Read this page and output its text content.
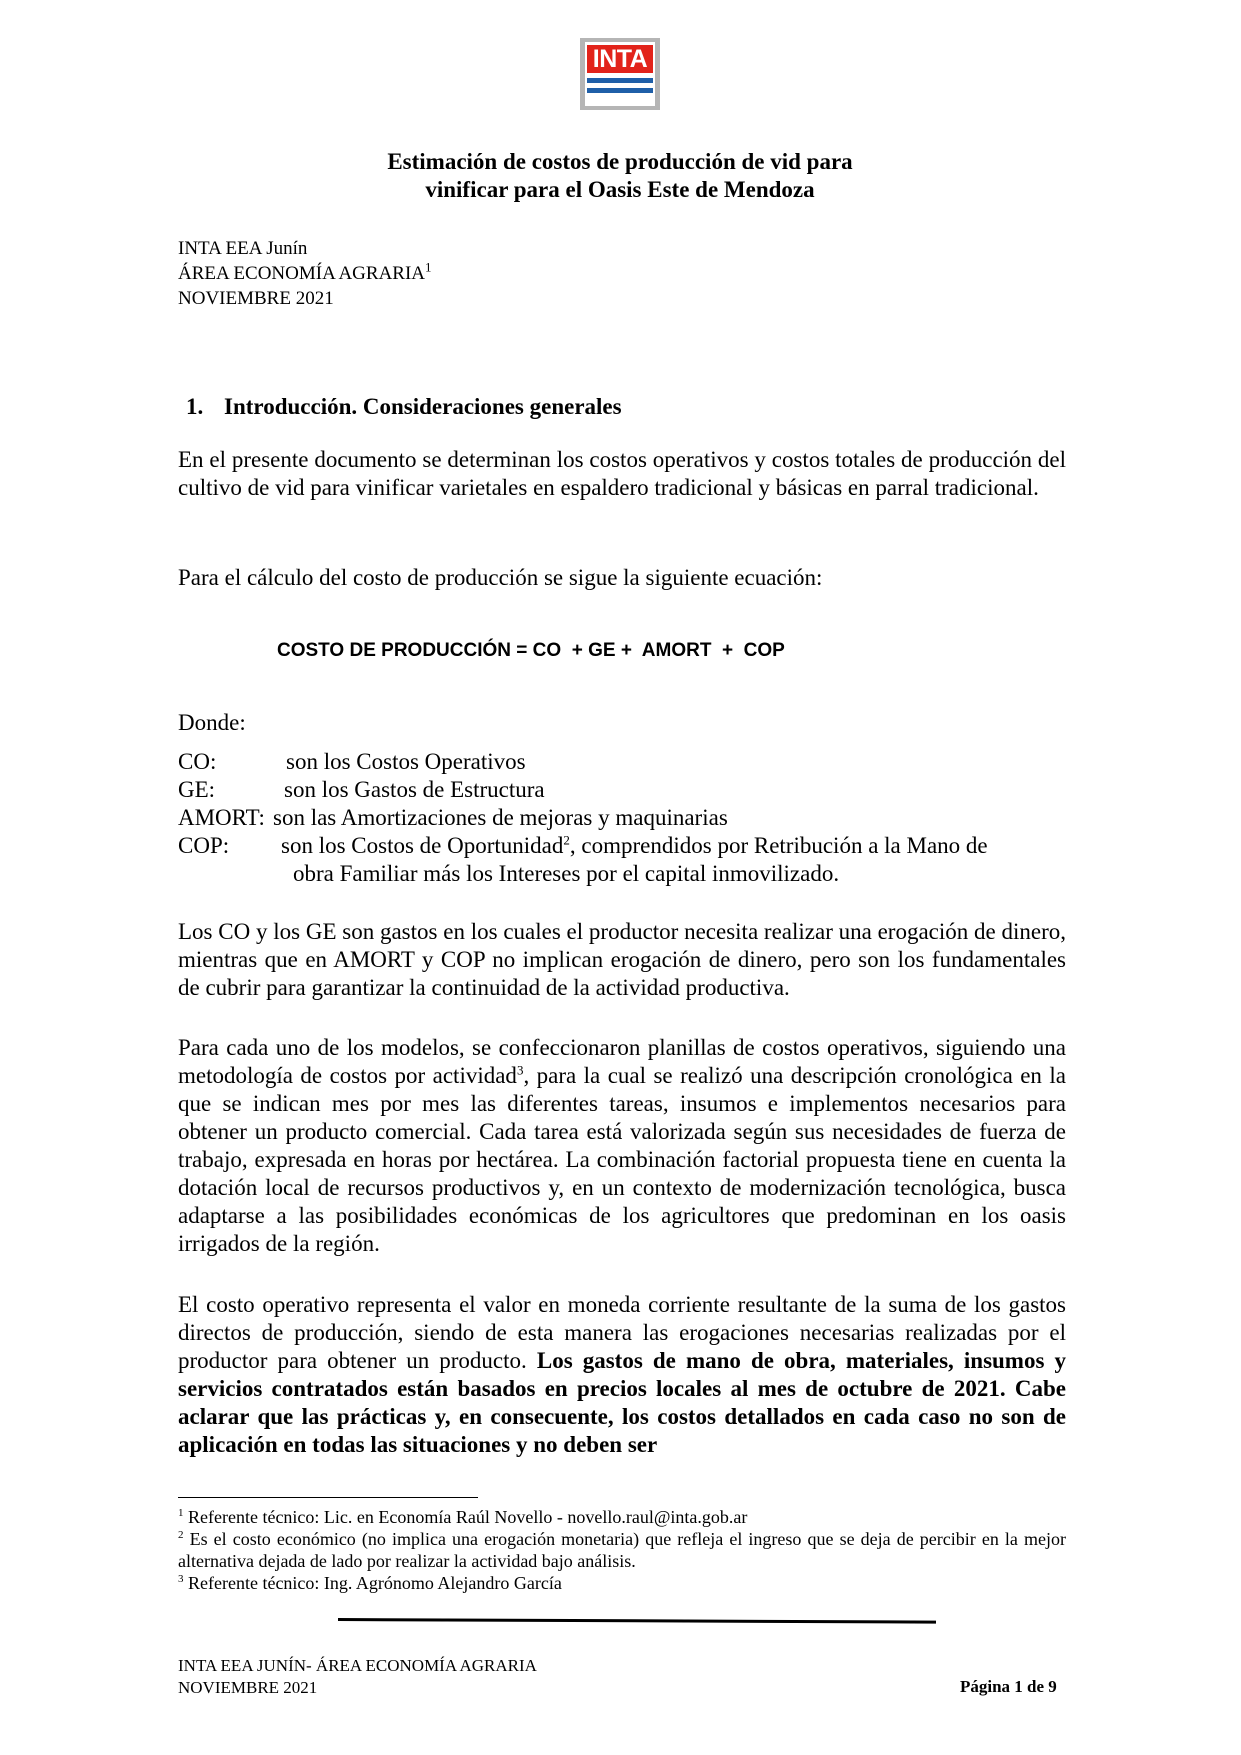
INTA
Estimación de costos de producción de vid para
vinificar para el Oasis Este de Mendoza
INTA EEA Junín
ÁREA ECONOMÍA AGRARIA$^1$
NOVIEMBRE 2021
1. Introducción. Consideraciones generales
En el presente documento se determinan los costos operativos y costos totales de producción del cultivo de vid para vinificar varietales en espaldero tradicional y básicas en parral tradicional.
Para el cálculo del costo de producción se sigue la siguiente ecuación:
COSTO DE PRODUCCIÓN = CO  + GE +  AMORT  +  COP
Donde:
CO:	son los Costos Operativos
GE:	son los Gastos de Estructura
AMORT: son las Amortizaciones de mejoras y maquinarias
COP: son los Costos de Oportunidad$^2$, comprendidos por Retribución a la Mano de
obra Familiar más los Intereses por el capital inmovilizado.
Los CO y los GE son gastos en los cuales el productor necesita realizar una erogación de dinero, mientras que en AMORT y COP no implican erogación de dinero, pero son los fundamentales de cubrir para garantizar la continuidad de la actividad productiva.
Para cada uno de los modelos, se confeccionaron planillas de costos operativos, siguiendo una metodología de costos por actividad$^3$, para la cual se realizó una descripción cronológica en la que se indican mes por mes las diferentes tareas, insumos e implementos necesarios para obtener un producto comercial. Cada tarea está valorizada según sus necesidades de fuerza de trabajo, expresada en horas por hectárea. La combinación factorial propuesta tiene en cuenta la dotación local de recursos productivos y, en un contexto de modernización tecnológica, busca adaptarse a las posibilidades económicas de los agricultores que predominan en los oasis irrigados de la región.
El costo operativo representa el valor en moneda corriente resultante de la suma de los gastos directos de producción, siendo de esta manera las erogaciones necesarias realizadas por el productor para obtener un producto. Los gastos de mano de obra, materiales, insumos y servicios contratados están basados en precios locales al mes de octubre de 2021. Cabe aclarar que las prácticas y, en consecuente, los costos detallados en cada caso no son de aplicación en todas las situaciones y no deben ser
$^1$ Referente técnico: Lic. en Economía Raúl Novello - novello.raul@inta.gob.ar
$^2$ Es el costo económico (no implica una erogación monetaria) que refleja el ingreso que se deja de percibir en la mejor alternativa dejada de lado por realizar la actividad bajo análisis.
$^3$ Referente técnico: Ing. Agrónomo Alejandro García
INTA EEA JUNÍN- ÁREA ECONOMÍA AGRARIA
NOVIEMBRE 2021	Página 1 de 9
